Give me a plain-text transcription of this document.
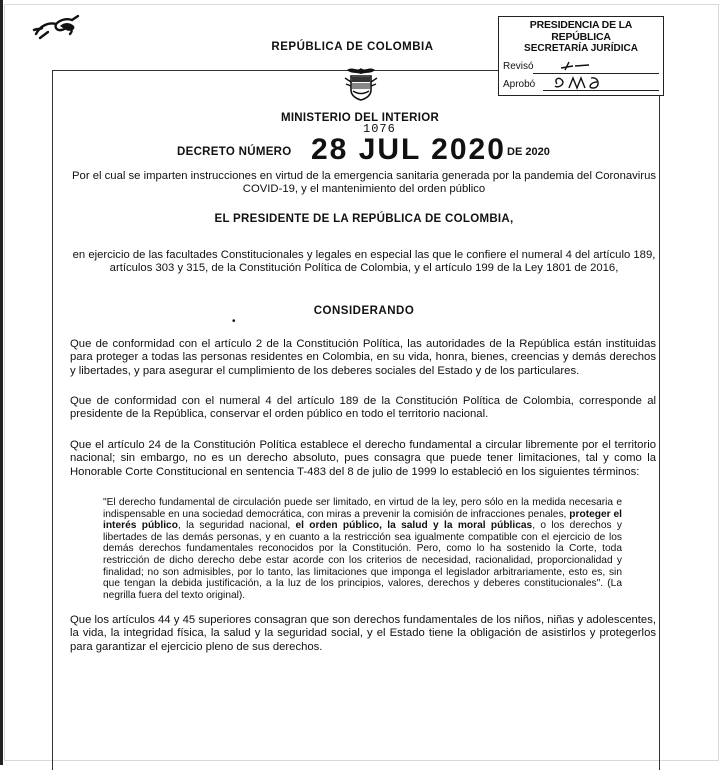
REPÚBLICA DE COLOMBIA
PRESIDENCIA DE LA REPÚBLICA
SECRETARÍA JURÍDICA
Revisó
Aprobó
MINISTERIO DEL INTERIOR
1076
DECRETO NÚMERO 28 JUL 2020 DE 2020
Por el cual se imparten instrucciones en virtud de la emergencia sanitaria generada por la pandemia del Coronavirus COVID-19, y el mantenimiento del orden público
EL PRESIDENTE DE LA REPÚBLICA DE COLOMBIA,
en ejercicio de las facultades Constitucionales y legales en especial las que le confiere el numeral 4 del artículo 189, artículos 303 y 315, de la Constitución Política de Colombia, y el artículo 199 de la Ley 1801 de 2016,
CONSIDERANDO
•
Que de conformidad con el artículo 2 de la Constitución Política, las autoridades de la República están instituidas para proteger a todas las personas residentes en Colombia, en su vida, honra, bienes, creencias y demás derechos y libertades, y para asegurar el cumplimiento de los deberes sociales del Estado y de los particulares.
Que de conformidad con el numeral 4 del artículo 189 de la Constitución Política de Colombia, corresponde al presidente de la República, conservar el orden público en todo el territorio nacional.
Que el artículo 24 de la Constitución Política establece el derecho fundamental a circular libremente por el territorio nacional; sin embargo, no es un derecho absoluto, pues consagra que puede tener limitaciones, tal y como la Honorable Corte Constitucional en sentencia T-483 del 8 de julio de 1999 lo estableció en los siguientes términos:
"El derecho fundamental de circulación puede ser limitado, en virtud de la ley, pero sólo en la medida necesaria e indispensable en una sociedad democrática, con miras a prevenir la comisión de infracciones penales, proteger el interés público, la seguridad nacional, el orden público, la salud y la moral públicas, o los derechos y libertades de las demás personas, y en cuanto a la restricción sea igualmente compatible con el ejercicio de los demás derechos fundamentales reconocidos por la Constitución. Pero, como lo ha sostenido la Corte, toda restricción de dicho derecho debe estar acorde con los criterios de necesidad, racionalidad, proporcionalidad y finalidad; no son admisibles, por lo tanto, las limitaciones que imponga el legislador arbitrariamente, esto es, sin que tengan la debida justificación, a la luz de los principios, valores, derechos y deberes constitucionales". (La negrilla fuera del texto original).
Que los artículos 44 y 45 superiores consagran que son derechos fundamentales de los niños, niñas y adolescentes, la vida, la integridad física, la salud y la seguridad social, y el Estado tiene la obligación de asistirlos y protegerlos para garantizar el ejercicio pleno de sus derechos.
